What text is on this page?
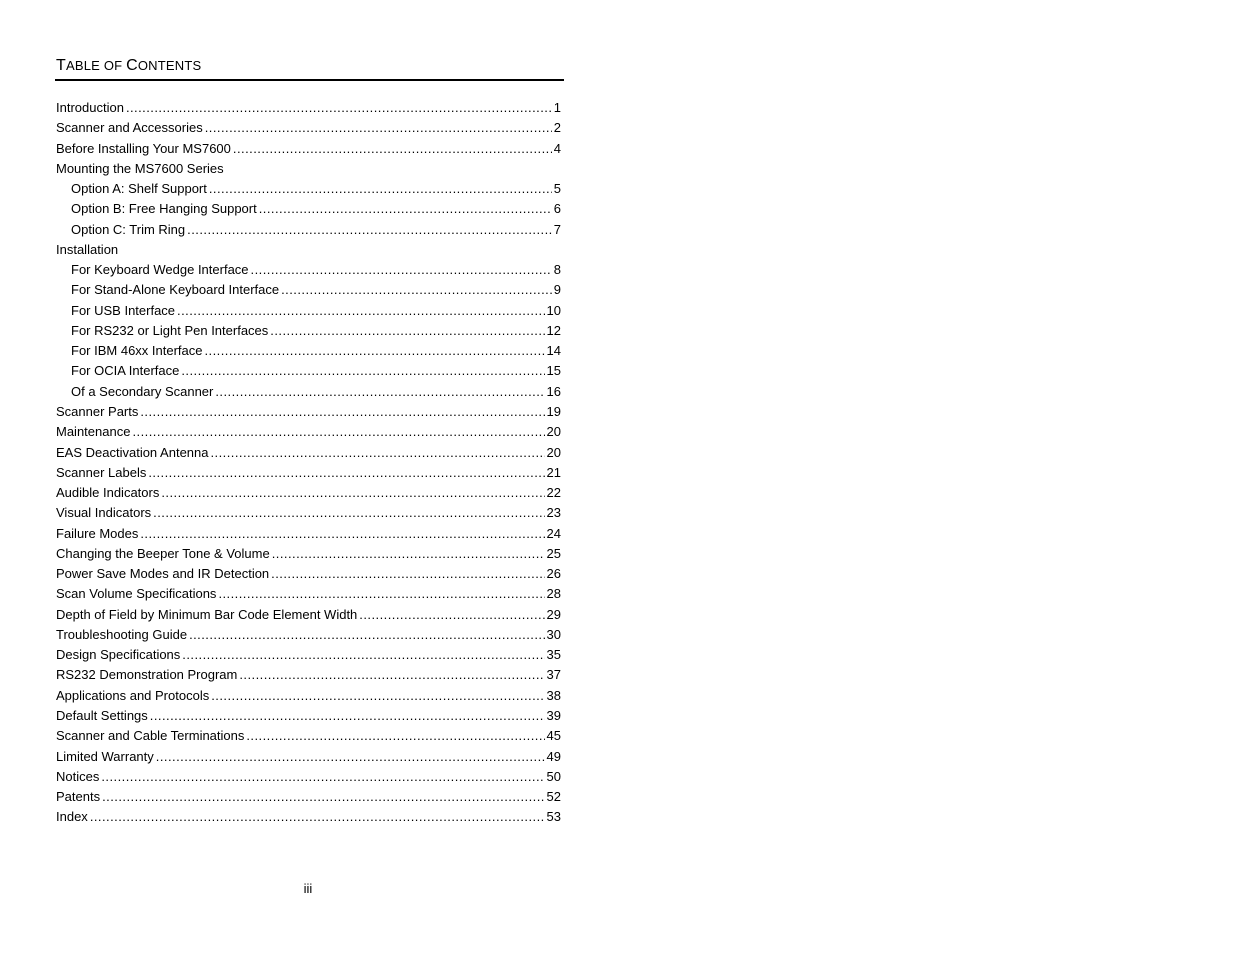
TABLE OF CONTENTS
Introduction .....	1
Scanner and Accessories .....	2
Before Installing Your MS7600 .....	4
Mounting the MS7600 Series
Option A: Shelf Support .....	5
Option B: Free Hanging Support .....	6
Option C: Trim Ring .....	7
Installation
For Keyboard Wedge Interface .....	8
For Stand-Alone Keyboard Interface .....	9
For USB Interface .....	10
For RS232 or Light Pen Interfaces .....	12
For IBM 46xx Interface .....	14
For OCIA Interface .....	15
Of a Secondary Scanner .....	16
Scanner Parts .....	19
Maintenance .....	20
EAS Deactivation Antenna .....	20
Scanner Labels .....	21
Audible Indicators .....	22
Visual Indicators .....	23
Failure Modes .....	24
Changing the Beeper Tone & Volume .....	25
Power Save Modes and IR Detection .....	26
Scan Volume Specifications .....	28
Depth of Field by Minimum Bar Code Element Width .....	29
Troubleshooting Guide .....	30
Design Specifications .....	35
RS232 Demonstration Program .....	37
Applications and Protocols .....	38
Default Settings .....	39
Scanner and Cable Terminations .....	45
Limited Warranty .....	49
Notices .....	50
Patents .....	52
Index .....	53
iii
